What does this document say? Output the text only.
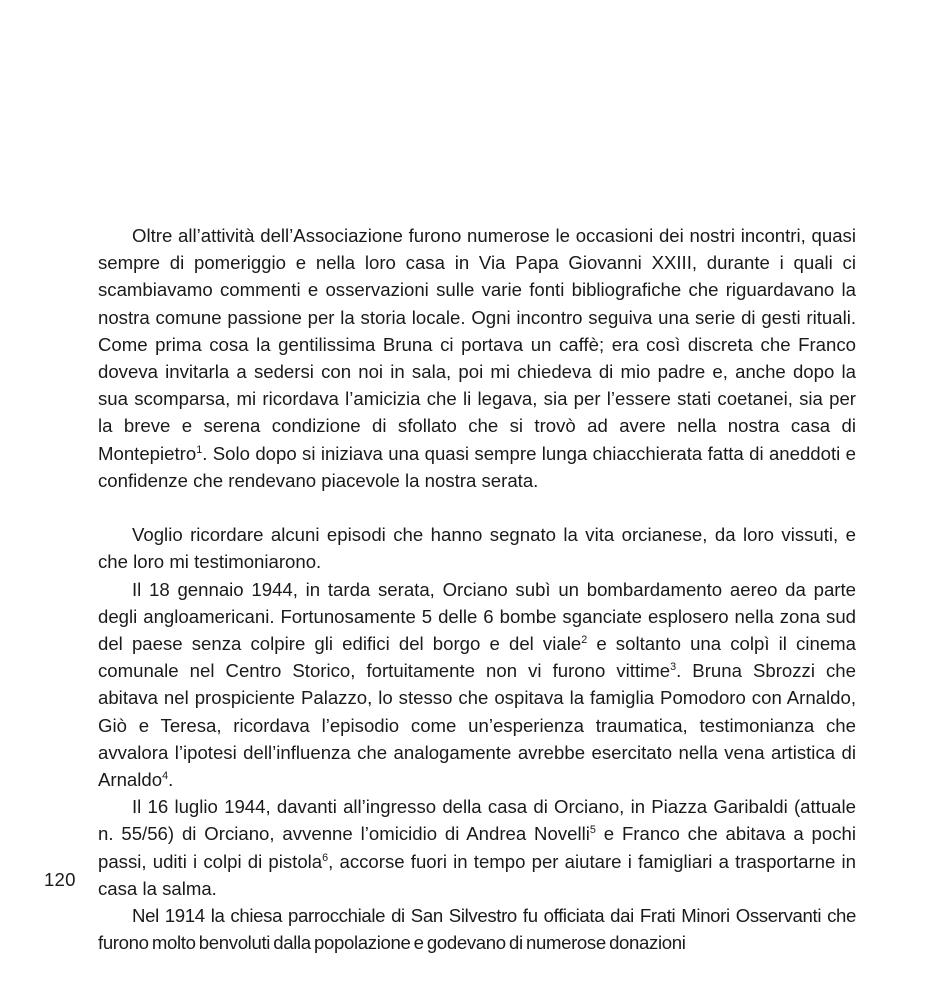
Oltre all’attività dell’Associazione furono numerose le occasioni dei nostri incontri, quasi sempre di pomeriggio e nella loro casa in Via Papa Giovanni XXIII, durante i quali ci scambiavamo commenti e osservazioni sulle varie fonti bibliografiche che riguardavano la nostra comune passione per la storia locale. Ogni incontro seguiva una serie di gesti rituali. Come prima cosa la gentilissima Bruna ci portava un caffè; era così discreta che Franco doveva invitarla a sedersi con noi in sala, poi mi chiedeva di mio padre e, anche dopo la sua scomparsa, mi ricordava l’amicizia che li legava, sia per l’essere stati coetanei, sia per la breve e serena condizione di sfollato che si trovò ad avere nella nostra casa di Montepietro$^1$. Solo dopo si iniziava una quasi sempre lunga chiacchierata fatta di aneddoti e confidenze che rendevano piacevole la nostra serata.

Voglio ricordare alcuni episodi che hanno segnato la vita orcianese, da loro vissuti, e che loro mi testimoniarono.

Il 18 gennaio 1944, in tarda serata, Orciano subì un bombardamento aereo da parte degli angloamericani. Fortunosamente 5 delle 6 bombe sganciate esplosero nella zona sud del paese senza colpire gli edifici del borgo e del viale$^2$ e soltanto una colpì il cinema comunale nel Centro Storico, fortuitamente non vi furono vittime$^3$. Bruna Sbrozzi che abitava nel prospiciente Palazzo, lo stesso che ospitava la famiglia Pomodoro con Arnaldo, Giò e Teresa, ricordava l’episodio come un’esperienza traumatica, testimonianza che avvalora l’ipotesi dell’influenza che analogamente avrebbe esercitato nella vena artistica di Arnaldo$^4$.

Il 16 luglio 1944, davanti all’ingresso della casa di Orciano, in Piazza Garibaldi (attuale n. 55/56) di Orciano, avvenne l’omicidio di Andrea Novelli$^5$ e Franco che abitava a pochi passi, uditi i colpi di pistola$^6$, accorse fuori in tempo per aiutare i famigliari a trasportarne in casa la salma.

Nel 1914 la chiesa parrocchiale di San Silvestro fu officiata dai Frati Minori Osservanti che furono molto benvoluti dalla popolazione e godevano di numerose donazioni

120
